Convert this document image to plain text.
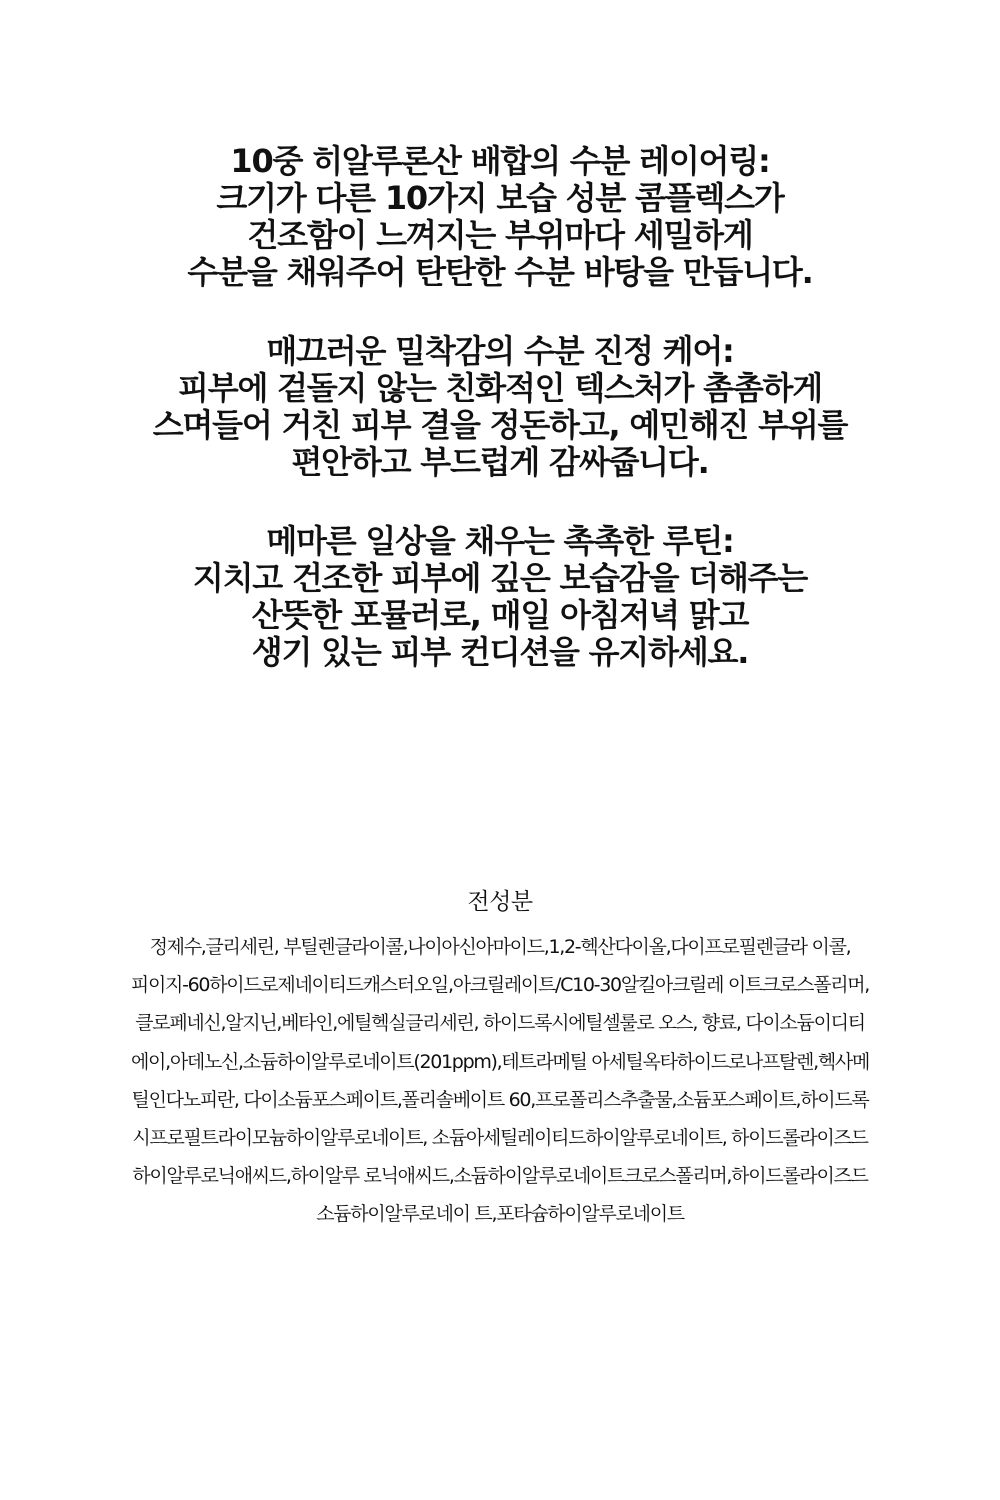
10중 히알루론산 배합의 수분 레이어링:
크기가 다른 10가지 보습 성분 콤플렉스가
건조함이 느껴지는 부위마다 세밀하게
수분을 채워주어 탄탄한 수분 바탕을 만듭니다.
매끄러운 밀착감의 수분 진정 케어:
피부에 겉돌지 않는 친화적인 텍스처가 촘촘하게
스며들어 거친 피부 결을 정돈하고, 예민해진 부위를
편안하고 부드럽게 감싸줍니다.
메마른 일상을 채우는 촉촉한 루틴:
지치고 건조한 피부에 깊은 보습감을 더해주는
산뜻한 포뮬러로, 매일 아침저녁 맑고
생기 있는 피부 컨디션을 유지하세요.
전성분
정제수,글리세린, 부틸렌글라이콜,나이아신아마이드,1,2-헥산다이올,다이프로필렌글라 이콜,
피이지-60하이드로제네이티드캐스터오일,아크릴레이트/C10-30알킬아크릴레 이트크로스폴리머,
클로페네신,알지닌,베타인,에틸헥실글리세린, 하이드록시에틸셀룰로 오스, 향료, 다이소듐이디티
에이,아데노신,소듐하이알루로네이트(201ppm),테트라메틸 아세틸옥타하이드로나프탈렌,헥사메
틸인다노피란, 다이소듐포스페이트,폴리솔베이트 60,프로폴리스추출물,소듐포스페이트,하이드록
시프로필트라이모늄하이알루로네이트, 소듐아세틸레이티드하이알루로네이트, 하이드롤라이즈드
하이알루로닉애씨드,하이알루 로닉애씨드,소듐하이알루로네이트크로스폴리머,하이드롤라이즈드
소듐하이알루로네이 트,포타슘하이알루로네이트
